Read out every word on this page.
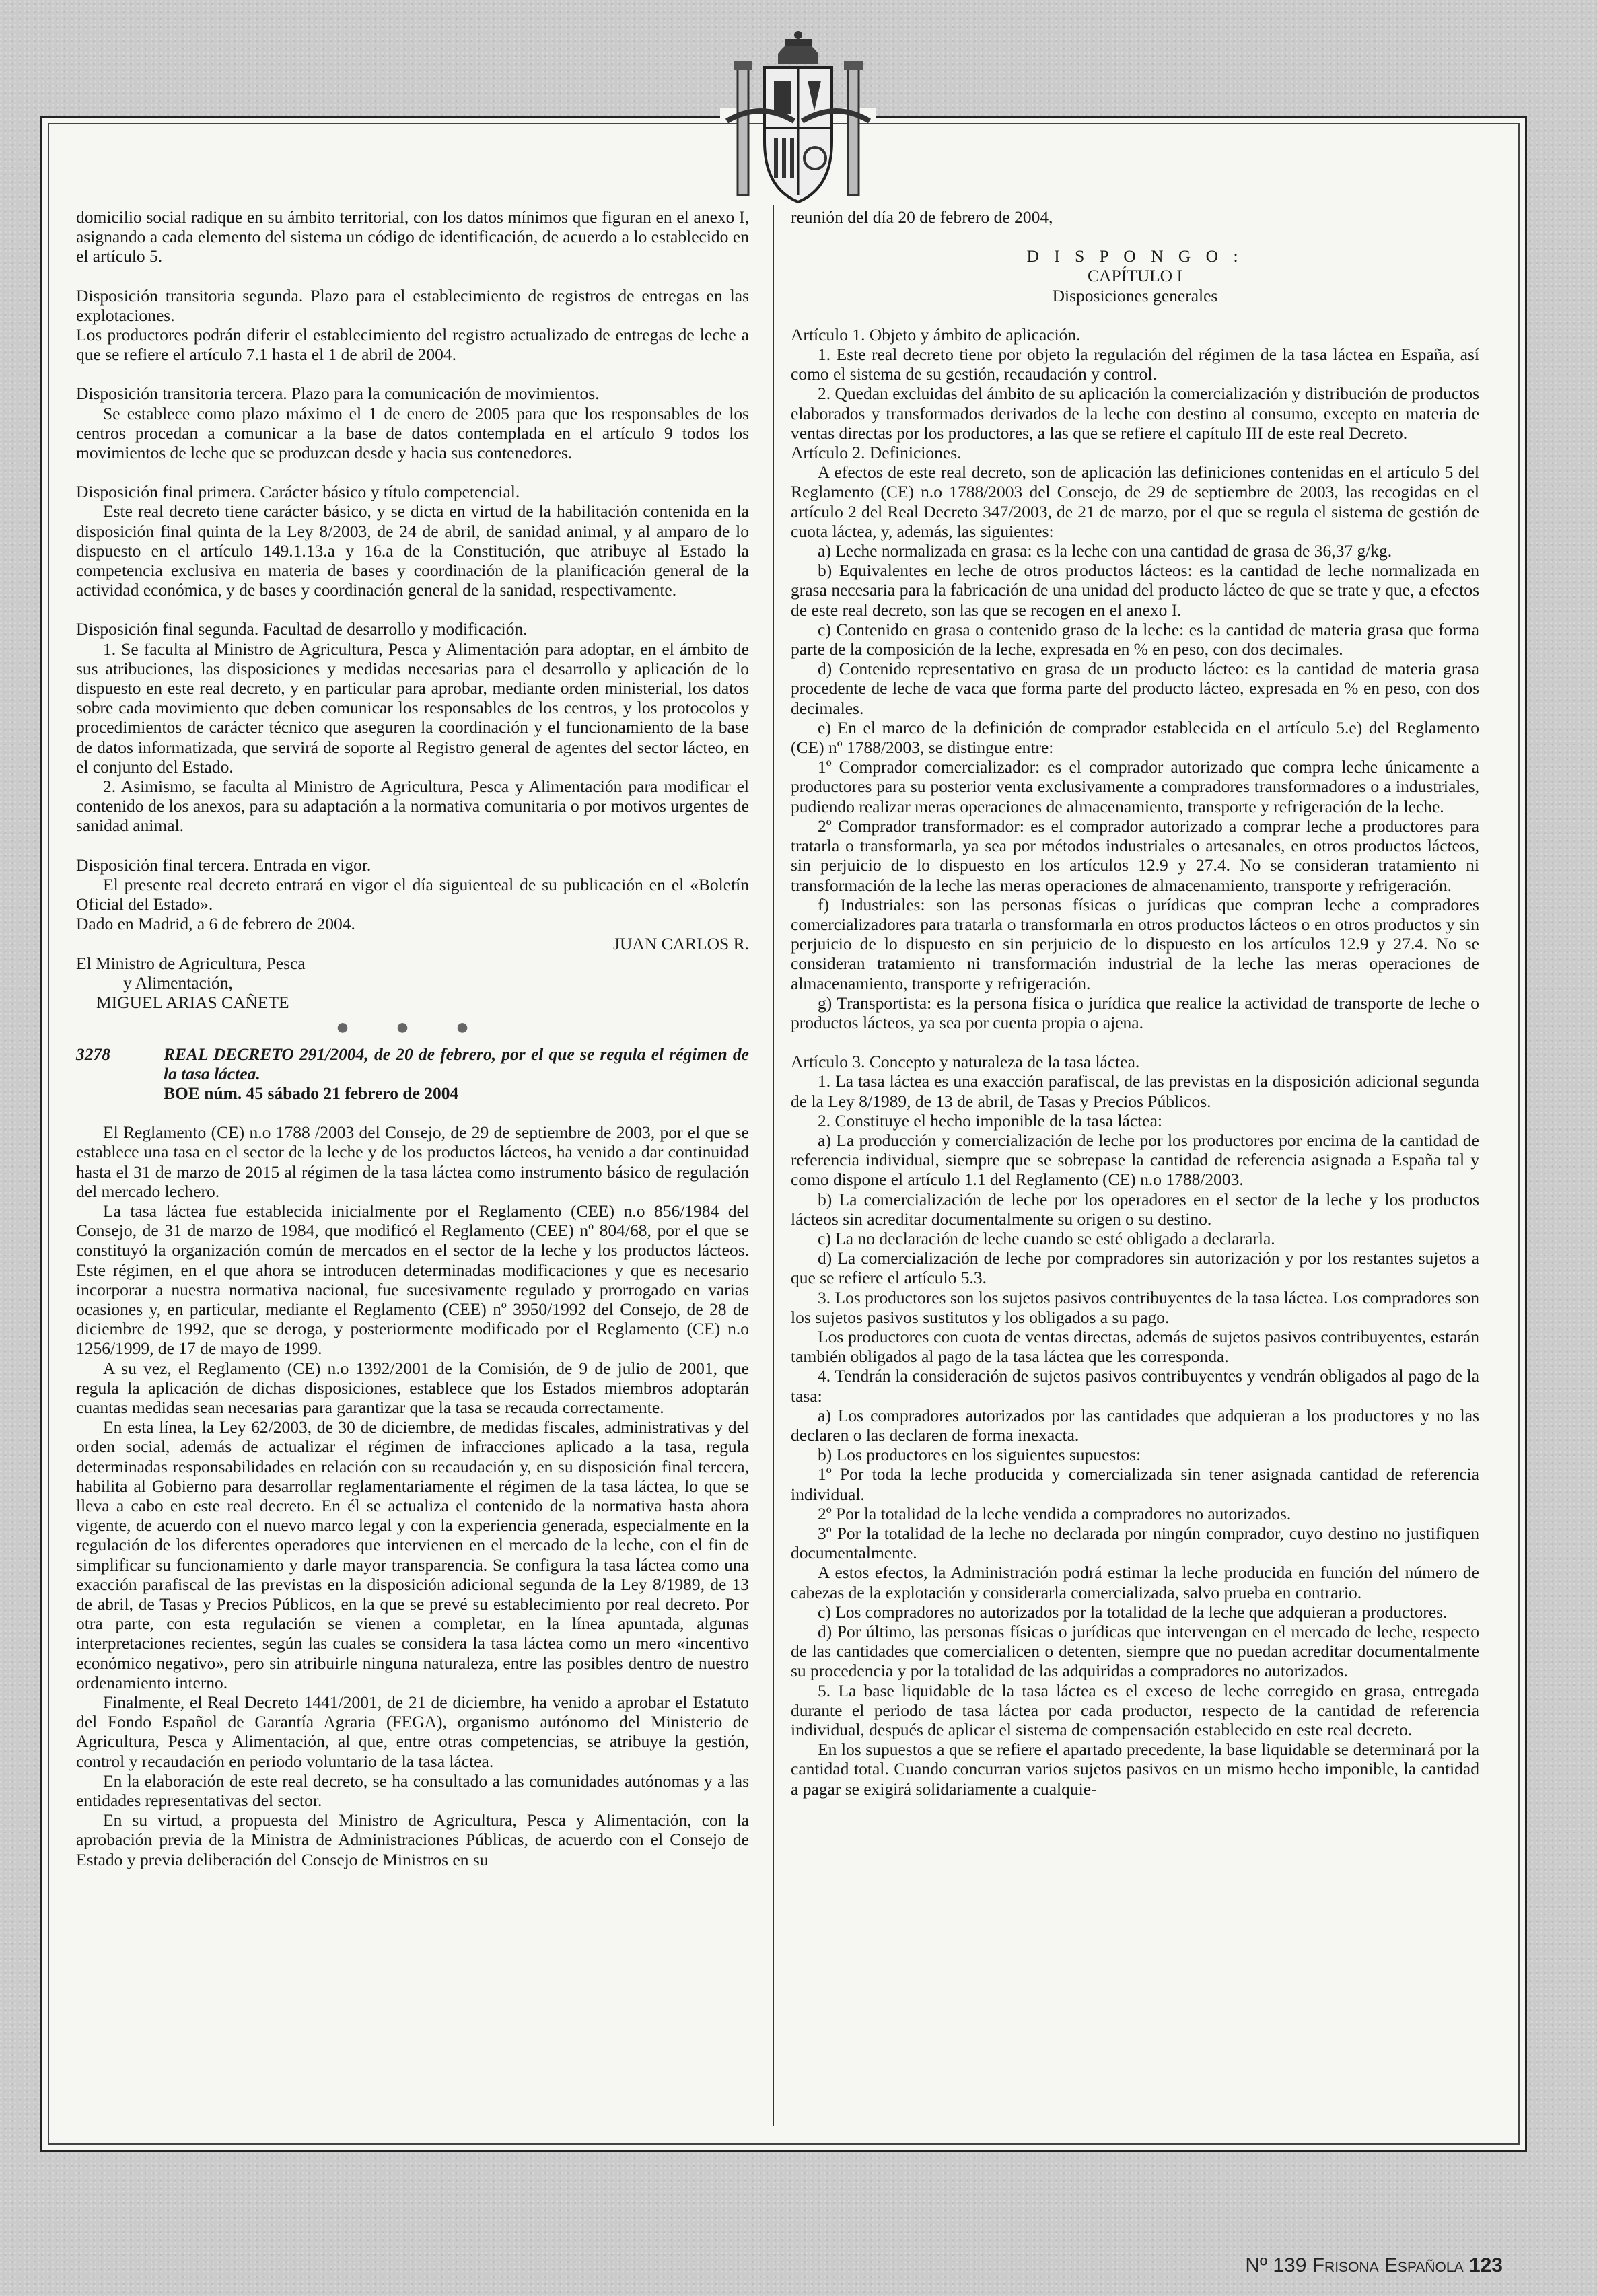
domicilio social radique en su ámbito territorial, con los datos mínimos que figuran en el anexo I, asignando a cada elemento del sistema un código de identificación, de acuerdo a lo establecido en el artículo 5.

Disposición transitoria segunda. Plazo para el establecimiento de registros de entregas en las explotaciones.

Los productores podrán diferir el establecimiento del registro actualizado de entregas de leche a que se refiere el artículo 7.1 hasta el 1 de abril de 2004.

Disposición transitoria tercera. Plazo para la comunicación de movimientos.

Se establece como plazo máximo el 1 de enero de 2005 para que los responsables de los centros procedan a comunicar a la base de datos contemplada en el artículo 9 todos los movimientos de leche que se produzcan desde y hacia sus contenedores.

Disposición final primera. Carácter básico y título competencial.

Este real decreto tiene carácter básico, y se dicta en virtud de la habilitación contenida en la disposición final quinta de la Ley 8/2003, de 24 de abril, de sanidad animal, y al amparo de lo dispuesto en el artículo 149.1.13.a y 16.a de la Constitución, que atribuye al Estado la competencia exclusiva en materia de bases y coordinación de la planificación general de la actividad económica, y de bases y coordinación general de la sanidad, respectivamente.

Disposición final segunda. Facultad de desarrollo y modificación.

1. Se faculta al Ministro de Agricultura, Pesca y Alimentación para adoptar, en el ámbito de sus atribuciones, las disposiciones y medidas necesarias para el desarrollo y aplicación de lo dispuesto en este real decreto, y en particular para aprobar, mediante orden ministerial, los datos sobre cada movimiento que deben comunicar los responsables de los centros, y los protocolos y procedimientos de carácter técnico que aseguren la coordinación y el funcionamiento de la base de datos informatizada, que servirá de soporte al Registro general de agentes del sector lácteo, en el conjunto del Estado.

2. Asimismo, se faculta al Ministro de Agricultura, Pesca y Alimentación para modificar el contenido de los anexos, para su adaptación a la normativa comunitaria o por motivos urgentes de sanidad animal.

Disposición final tercera. Entrada en vigor.

El presente real decreto entrará en vigor el día siguienteal de su publicación en el «Boletín Oficial del Estado».

Dado en Madrid, a 6 de febrero de 2004.

JUAN CARLOS R.

El Ministro de Agricultura, Pesca

y Alimentación,

MIGUEL ARIAS CAÑETE

● ● ●
3278	REAL DECRETO 291/2004, de 20 de febrero, por el que se regula el régimen de la tasa láctea.

BOE núm. 45 sábado 21 febrero de 2004

El Reglamento (CE) n.o 1788 /2003 del Consejo, de 29 de septiembre de 2003, por el que se establece una tasa en el sector de la leche y de los productos lácteos, ha venido a dar continuidad hasta el 31 de marzo de 2015 al régimen de la tasa láctea como instrumento básico de regulación del mercado lechero.

La tasa láctea fue establecida inicialmente por el Reglamento (CEE) n.o 856/1984 del Consejo, de 31 de marzo de 1984, que modificó el Reglamento (CEE) nº 804/68, por el que se constituyó la organización común de mercados en el sector de la leche y los productos lácteos. Este régimen, en el que ahora se introducen determinadas modificaciones y que es necesario incorporar a nuestra normativa nacional, fue sucesivamente regulado y prorrogado en varias ocasiones y, en particular, mediante el Reglamento (CEE) nº 3950/1992 del Consejo, de 28 de diciembre de 1992, que se deroga, y posteriormente modificado por el Reglamento (CE) n.o 1256/1999, de 17 de mayo de 1999.

A su vez, el Reglamento (CE) n.o 1392/2001 de la Comisión, de 9 de julio de 2001, que regula la aplicación de dichas disposiciones, establece que los Estados miembros adoptarán cuantas medidas sean necesarias para garantizar que la tasa se recauda correctamente.

En esta línea, la Ley 62/2003, de 30 de diciembre, de medidas fiscales, administrativas y del orden social, además de actualizar el régimen de infracciones aplicado a la tasa, regula determinadas responsabilidades en relación con su recaudación y, en su disposición final tercera, habilita al Gobierno para desarrollar reglamentariamente el régimen de la tasa láctea, lo que se lleva a cabo en este real decreto. En él se actualiza el contenido de la normativa hasta ahora vigente, de acuerdo con el nuevo marco legal y con la experiencia generada, especialmente en la regulación de los diferentes operadores que intervienen en el mercado de la leche, con el fin de simplificar su funcionamiento y darle mayor transparencia. Se configura la tasa láctea como una exacción parafiscal de las previstas en la disposición adicional segunda de la Ley 8/1989, de 13 de abril, de Tasas y Precios Públicos, en la que se prevé su establecimiento por real decreto. Por otra parte, con esta regulación se vienen a completar, en la línea apuntada, algunas interpretaciones recientes, según las cuales se considera la tasa láctea como un mero «incentivo económico negativo», pero sin atribuirle ninguna naturaleza, entre las posibles dentro de nuestro ordenamiento interno.

Finalmente, el Real Decreto 1441/2001, de 21 de diciembre, ha venido a aprobar el Estatuto del Fondo Español de Garantía Agraria (FEGA), organismo autónomo del Ministerio de Agricultura, Pesca y Alimentación, al que, entre otras competencias, se atribuye la gestión, control y recaudación en periodo voluntario de la tasa láctea.

En la elaboración de este real decreto, se ha consultado a las comunidades autónomas y a las entidades representativas del sector.

En su virtud, a propuesta del Ministro de Agricultura, Pesca y Alimentación, con la aprobación previa de la Ministra de Administraciones Públicas, de acuerdo con el Consejo de Estado y previa deliberación del Consejo de Ministros en su

reunión del día 20 de febrero de 2004,

D I S P O N G O :

CAPÍTULO I

Disposiciones generales

Artículo 1. Objeto y ámbito de aplicación.

1. Este real decreto tiene por objeto la regulación del régimen de la tasa láctea en España, así como el sistema de su gestión, recaudación y control.

2. Quedan excluidas del ámbito de su aplicación la comercialización y distribución de productos elaborados y transformados derivados de la leche con destino al consumo, excepto en materia de ventas directas por los productores, a las que se refiere el capítulo III de este real Decreto.

Artículo 2. Definiciones.

A efectos de este real decreto, son de aplicación las definiciones contenidas en el artículo 5 del Reglamento (CE) n.o 1788/2003 del Consejo, de 29 de septiembre de 2003, las recogidas en el artículo 2 del Real Decreto 347/2003, de 21 de marzo, por el que se regula el sistema de gestión de cuota láctea, y, además, las siguientes:

a) Leche normalizada en grasa: es la leche con una cantidad de grasa de 36,37 g/kg.

b) Equivalentes en leche de otros productos lácteos: es la cantidad de leche normalizada en grasa necesaria para la fabricación de una unidad del producto lácteo de que se trate y que, a efectos de este real decreto, son las que se recogen en el anexo I.

c) Contenido en grasa o contenido graso de la leche: es la cantidad de materia grasa que forma parte de la composición de la leche, expresada en % en peso, con dos decimales.

d) Contenido representativo en grasa de un producto lácteo: es la cantidad de materia grasa procedente de leche de vaca que forma parte del producto lácteo, expresada en % en peso, con dos decimales.

e) En el marco de la definición de comprador establecida en el artículo 5.e) del Reglamento (CE) nº 1788/2003, se distingue entre:

1º Comprador comercializador: es el comprador autorizado que compra leche únicamente a productores para su posterior venta exclusivamente a compradores transformadores o a industriales, pudiendo realizar meras operaciones de almacenamiento, transporte y refrigeración de la leche.

2º Comprador transformador: es el comprador autorizado a comprar leche a productores para tratarla o transformarla, ya sea por métodos industriales o artesanales, en otros productos lácteos, sin perjuicio de lo dispuesto en los artículos 12.9 y 27.4. No se consideran tratamiento ni transformación de la leche las meras operaciones de almacenamiento, transporte y refrigeración.

f) Industriales: son las personas físicas o jurídicas que compran leche a compradores comercializadores para tratarla o transformarla en otros productos lácteos o en otros productos y sin perjuicio de lo dispuesto en sin perjuicio de lo dispuesto en los artículos 12.9 y 27.4. No se consideran tratamiento ni transformación industrial de la leche las meras operaciones de almacenamiento, transporte y refrigeración.

g) Transportista: es la persona física o jurídica que realice la actividad de transporte de leche o productos lácteos, ya sea por cuenta propia o ajena.

Artículo 3. Concepto y naturaleza de la tasa láctea.

1. La tasa láctea es una exacción parafiscal, de las previstas en la disposición adicional segunda de la Ley 8/1989, de 13 de abril, de Tasas y Precios Públicos.

2. Constituye el hecho imponible de la tasa láctea:

a) La producción y comercialización de leche por los productores por encima de la cantidad de referencia individual, siempre que se sobrepase la cantidad de referencia asignada a España tal y como dispone el artículo 1.1 del Reglamento (CE) n.o 1788/2003.

b) La comercialización de leche por los operadores en el sector de la leche y los productos lácteos sin acreditar documentalmente su origen o su destino.

c) La no declaración de leche cuando se esté obligado a declararla.

d) La comercialización de leche por compradores sin autorización y por los restantes sujetos a que se refiere el artículo 5.3.

3. Los productores son los sujetos pasivos contribuyentes de la tasa láctea. Los compradores son los sujetos pasivos sustitutos y los obligados a su pago.

Los productores con cuota de ventas directas, además de sujetos pasivos contribuyentes, estarán también obligados al pago de la tasa láctea que les corresponda.

4. Tendrán la consideración de sujetos pasivos contribuyentes y vendrán obligados al pago de la tasa:

a) Los compradores autorizados por las cantidades que adquieran a los productores y no las declaren o las declaren de forma inexacta.

b) Los productores en los siguientes supuestos:

1º Por toda la leche producida y comercializada sin tener asignada cantidad de referencia individual.

2º Por la totalidad de la leche vendida a compradores no autorizados.

3º Por la totalidad de la leche no declarada por ningún comprador, cuyo destino no justifiquen documentalmente.

A estos efectos, la Administración podrá estimar la leche producida en función del número de cabezas de la explotación y considerarla comercializada, salvo prueba en contrario.

c) Los compradores no autorizados por la totalidad de la leche que adquieran a productores.

d) Por último, las personas físicas o jurídicas que intervengan en el mercado de leche, respecto de las cantidades que comercialicen o detenten, siempre que no puedan acreditar documentalmente su procedencia y por la totalidad de las adquiridas a compradores no autorizados.

5. La base liquidable de la tasa láctea es el exceso de leche corregido en grasa, entregada durante el periodo de tasa láctea por cada productor, respecto de la cantidad de referencia individual, después de aplicar el sistema de compensación establecido en este real decreto.

En los supuestos a que se refiere el apartado precedente, la base liquidable se determinará por la cantidad total. Cuando concurran varios sujetos pasivos en un mismo hecho imponible, la cantidad a pagar se exigirá solidariamente a cualquie-

Nº 139 Frisona Española 123
